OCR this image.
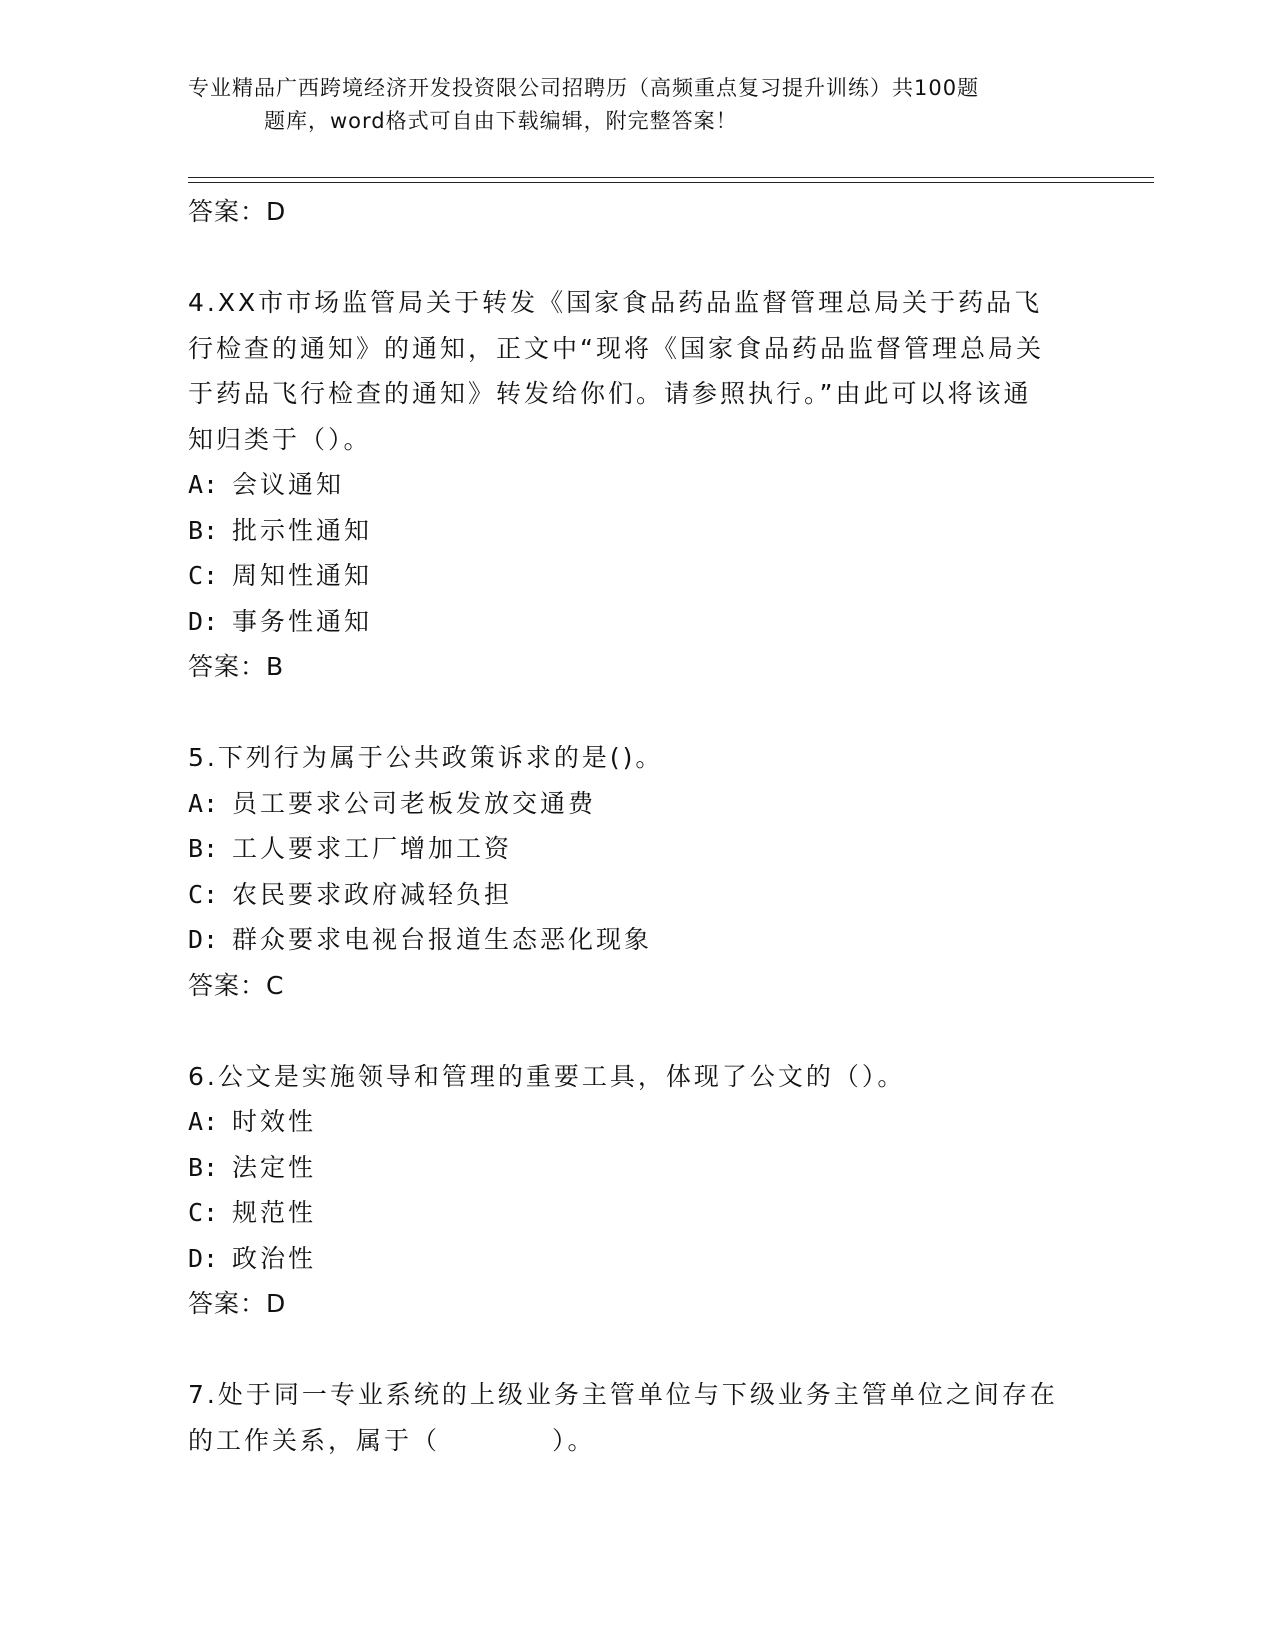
专业精品广西跨境经济开发投资限公司招聘历（高频重点复习提升训练）共100题
题库，word格式可自由下载编辑，附完整答案！
答案：D
4.XX市市场监管局关于转发《国家食品药品监督管理总局关于药品飞行检查的通知》的通知，正文中“现将《国家食品药品监督管理总局关于药品飞行检查的通知》转发给你们。请参照执行。”由此可以将该通知归类于（）。
A: 会议通知
B: 批示性通知
C: 周知性通知
D: 事务性通知
答案：B
5.下列行为属于公共政策诉求的是()。
A: 员工要求公司老板发放交通费
B: 工人要求工厂增加工资
C: 农民要求政府减轻负担
D: 群众要求电视台报道生态恶化现象
答案：C
6.公文是实施领导和管理的重要工具，体现了公文的（）。
A: 时效性
B: 法定性
C: 规范性
D: 政治性
答案：D
7.处于同一专业系统的上级业务主管单位与下级业务主管单位之间存在的工作关系，属于（　　　　）。
